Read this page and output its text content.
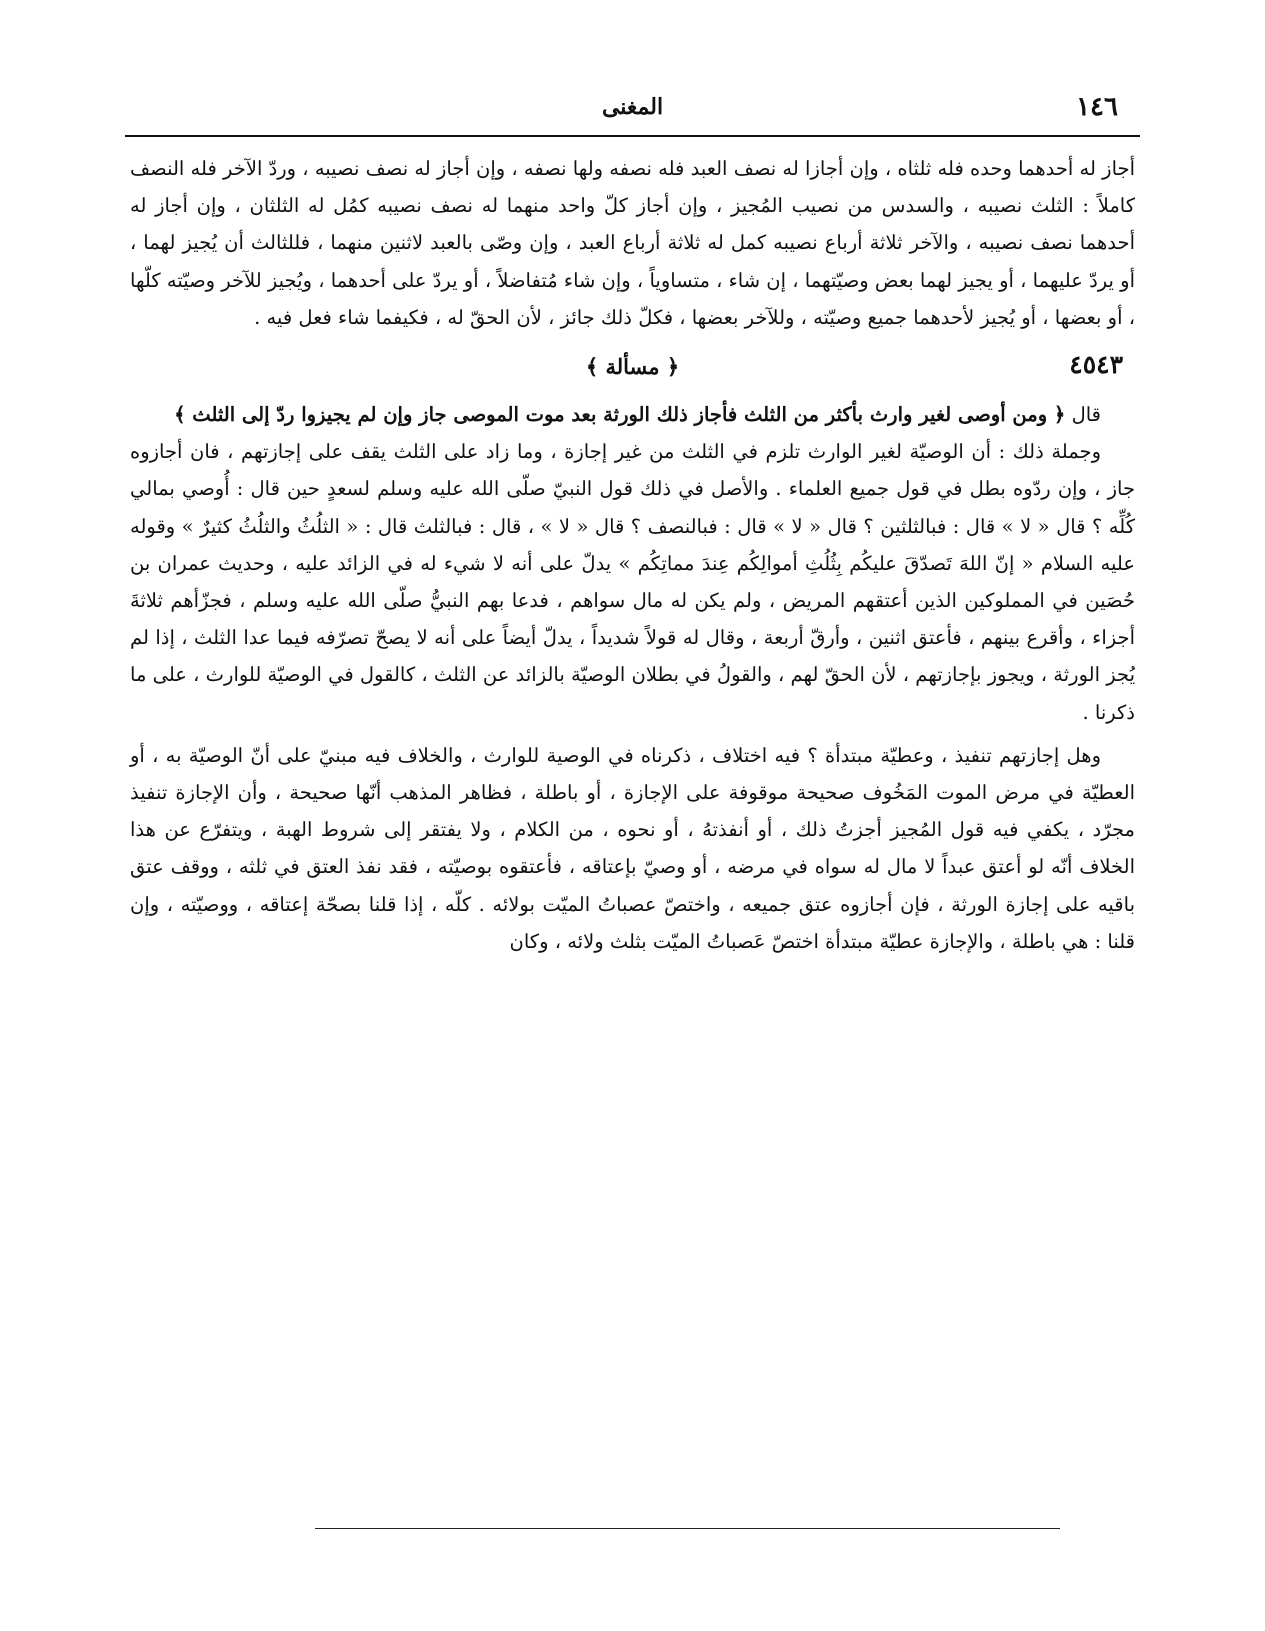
١٤٦
المغنى

أجاز له أحدهما وحده فله ثلثاه ، وإن أجازا له نصف العبد فله نصفه ولها نصفه ، وإن أجاز له نصف نصيبه ، وردّ الآخر فله النصف كاملاً : الثلث نصيبه ، والسدس من نصيب المُجيز ، وإن أجاز كلّ واحد منهما له نصف نصيبه كمُل له الثلثان ، وإن أجاز له أحدهما نصف نصيبه ، والآخر ثلاثة أرباع نصيبه كمل له ثلاثة أرباع العبد ، وإن وصّى بالعبد لاثنين منهما ، فللثالث أن يُجيز لهما ، أو يردّ عليهما ، أو يجيز لهما بعض وصيّتهما ، إن شاء ، متساوياً ، وإن شاء مُتفاضلاً ، أو يردّ على أحدهما ، ويُجيز للآخر وصيّته كلّها ، أو بعضها ، أو يُجيز لأحدهما جميع وصيّته ، وللآخر بعضها ، فكلّ ذلك جائز ، لأن الحقّ له ، فكيفما شاء فعل فيه .

٤٥٤٣
﴿ مسألة ﴾

قال ﴿ ومن أوصى لغير وارث بأكثر من الثلث فأجاز ذلك الورثة بعد موت الموصى جاز وإن لم يجيزوا ردّ إلى الثلث ﴾

وجملة ذلك : أن الوصيّة لغير الوارث تلزم في الثلث من غير إجازة ، وما زاد على الثلث يقف على إجازتهم ، فان أجازوه جاز ، وإن ردّوه بطل في قول جميع العلماء . والأصل في ذلك قول النبيّ صلّى الله عليه وسلم لسعدٍ حين قال : أُوصي بمالي كُلِّه ؟ قال « لا » قال : فبالثلثين ؟ قال « لا » قال : فبالنصف ؟ قال « لا » ، قال : فبالثلث قال : « الثلُثُ والثلُثُ كثيرٌ » وقوله عليه السلام « إنّ اللهَ تَصدّقَ عليكُم بِثُلُثِ أموالِكُم عِندَ مماتِكُم » يدلّ على أنه لا شيء له في الزائد عليه ، وحديث عمران بن حُصَين في المملوكين الذين أعتقهم المريض ، ولم يكن له مال سواهم ، فدعا بهم النبيُّ صلّى الله عليه وسلم ، فجزّأهم ثلاثةَ أجزاء ، وأقرع بينهم ، فأعتق اثنين ، وأرقّ أربعة ، وقال له قولاً شديداً ، يدلّ أيضاً على أنه لا يصحّ تصرّفه فيما عدا الثلث ، إذا لم يُجز الورثة ، ويجوز بإجازتهم ، لأن الحقّ لهم ، والقولُ في بطلان الوصيّة بالزائد عن الثلث ، كالقول في الوصيّة للوارث ، على ما ذكرنا .

وهل إجازتهم تنفيذ ، وعطيّة مبتدأة ؟ فيه اختلاف ، ذكرناه في الوصية للوارث ، والخلاف فيه مبنيّ على أنّ الوصيّة به ، أو العطيّة في مرض الموت المَخُوف صحيحة موقوفة على الإجازة ، أو باطلة ، فظاهر المذهب أنّها صحيحة ، وأن الإجازة تنفيذ مجرّد ، يكفي فيه قول المُجيز أجزتُ ذلك ، أو أنفذتهُ ، أو نحوه ، من الكلام ، ولا يفتقر إلى شروط الهبة ، ويتفرّع عن هذا الخلاف أنّه لو أعتق عبداً لا مال له سواه في مرضه ، أو وصيّ بإعتاقه ، فأعتقوه بوصيّته ، فقد نفذ العتق في ثلثه ، ووقف عتق باقيه على إجازة الورثة ، فإن أجازوه عتق جميعه ، واختصّ عصباتُ الميّت بولائه . كلّه ، إذا قلنا بصحّة إعتاقه ، ووصيّته ، وإن قلنا : هي باطلة ، والإجازة عطيّة مبتدأة اختصّ عَصباتُ الميّت بثلث ولائه ، وكان
